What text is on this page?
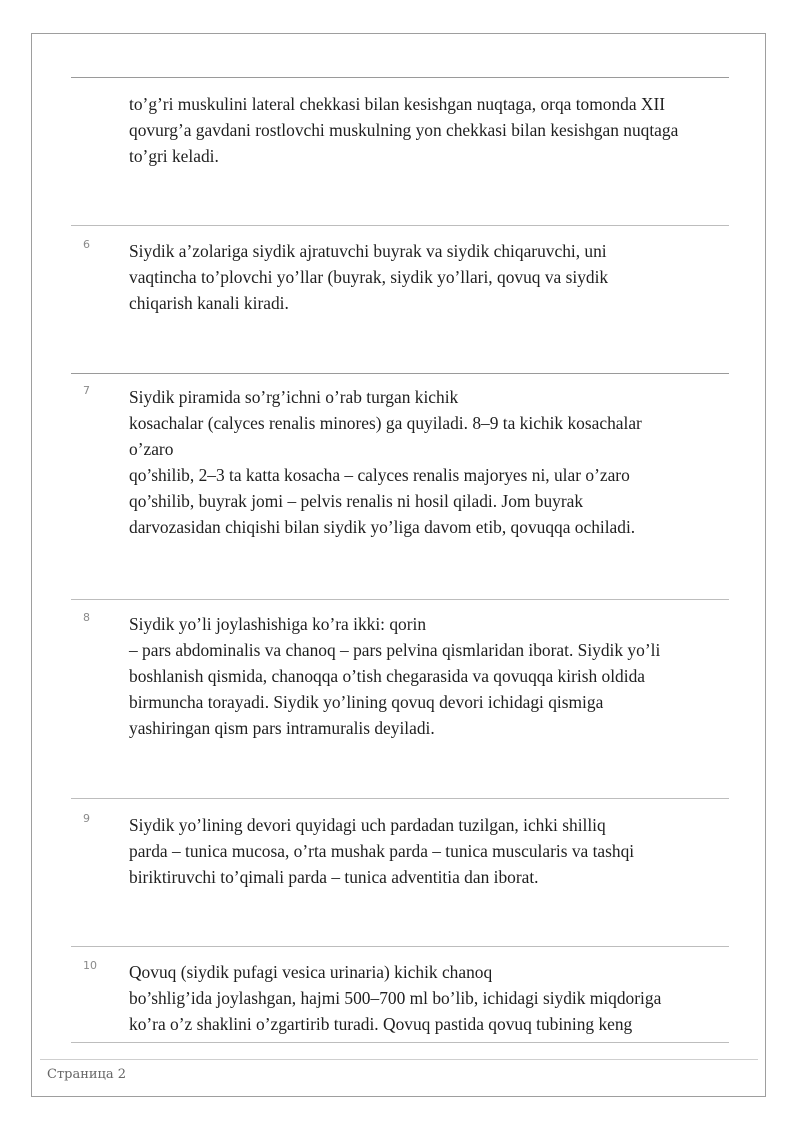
to’g’ri muskulini lateral chekkasi bilan kesishgan nuqtaga, orqa tomonda XII
qovurg’a gavdani rostlovchi muskulning yon chekkasi bilan kesishgan nuqtaga
to’gri keladi.
6 Siydik a’zolariga siydik ajratuvchi buyrak va siydik chiqaruvchi, uni
vaqtincha to’plovchi yo’llar (buyrak, siydik yo’llari, qovuq va siydik
chiqarish kanali kiradi.
7 Siydik piramida so’rg’ichni o’rab turgan kichik
kosachalar (calyces renalis minores) ga quyiladi. 8–9 ta kichik kosachalar
o’zaro
qo’shilib, 2–3 ta katta kosacha – calyces renalis majoryes ni, ular o’zaro
qo’shilib, buyrak jomi – pelvis renalis ni hosil qiladi. Jom buyrak
darvozasidan chiqishi bilan siydik yo’liga davom etib, qovuqqa ochiladi.
8 Siydik yo’li joylashishiga ko’ra ikki: qorin
– pars abdominalis va chanoq – pars pelvina qismlaridan iborat. Siydik yo’li
boshlanish qismida, chanoqqa o’tish chegarasida va qovuqqa kirish oldida
birmuncha torayadi. Siydik yo’lining qovuq devori ichidagi qismiga
yashiringan qism pars intramuralis deyiladi.
9 Siydik yo’lining devori quyidagi uch pardadan tuzilgan, ichki shilliq
parda – tunica mucosa, o’rta mushak parda – tunica muscularis va tashqi
biriktiruvchi to’qimali parda – tunica adventitia dan iborat.
10 Qovuq (siydik pufagi vesica urinaria) kichik chanoq
bo’shlig’ida joylashgan, hajmi 500–700 ml bo’lib, ichidagi siydik miqdoriga
ko’ra o’z shaklini o’zgartirib turadi. Qovuq pastida qovuq tubining keng
Страница 2
